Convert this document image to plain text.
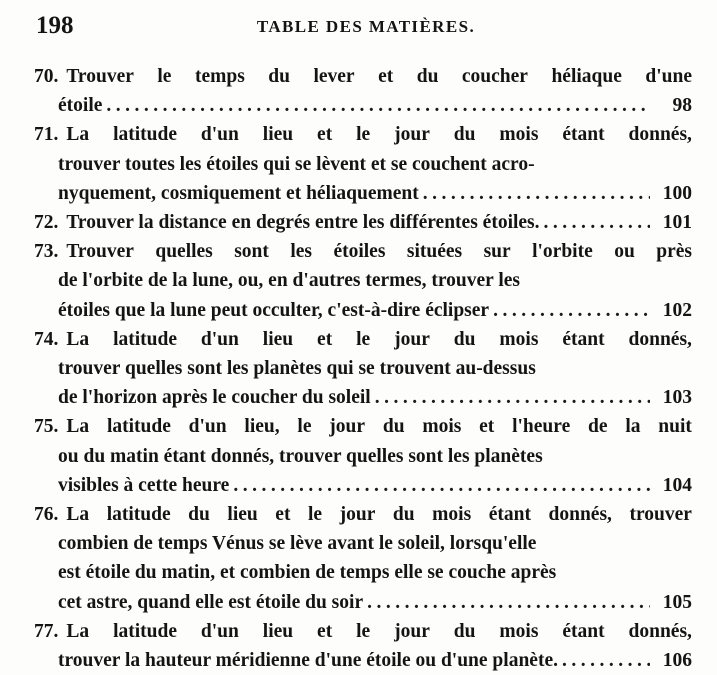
198	TABLE DES MATIÈRES.
70. Trouver le temps du lever et du coucher héliaque d'une
étoile .....	98
71. La latitude d'un lieu et le jour du mois étant donnés,
trouver toutes les étoiles qui se lèvent et se couchent acro-
nyquement, cosmiquement et héliaquement .....	100
72. Trouver la distance en degrés entre les différentes étoiles. .....	101
73. Trouver quelles sont les étoiles situées sur l'orbite ou près
de l'orbite de la lune, ou, en d'autres termes, trouver les
étoiles que la lune peut occulter, c'est-à-dire éclipser .....	102
74. La latitude d'un lieu et le jour du mois étant donnés,
trouver quelles sont les planètes qui se trouvent au-dessus
de l'horizon après le coucher du soleil .....	103
75. La latitude d'un lieu, le jour du mois et l'heure de la nuit
ou du matin étant donnés, trouver quelles sont les planètes
visibles à cette heure .....	104
76. La latitude du lieu et le jour du mois étant donnés, trouver
combien de temps Vénus se lève avant le soleil, lorsqu'elle
est étoile du matin, et combien de temps elle se couche après
cet astre, quand elle est étoile du soir .....	105
77. La latitude d'un lieu et le jour du mois étant donnés,
trouver la hauteur méridienne d'une étoile ou d'une planète. .....	106
